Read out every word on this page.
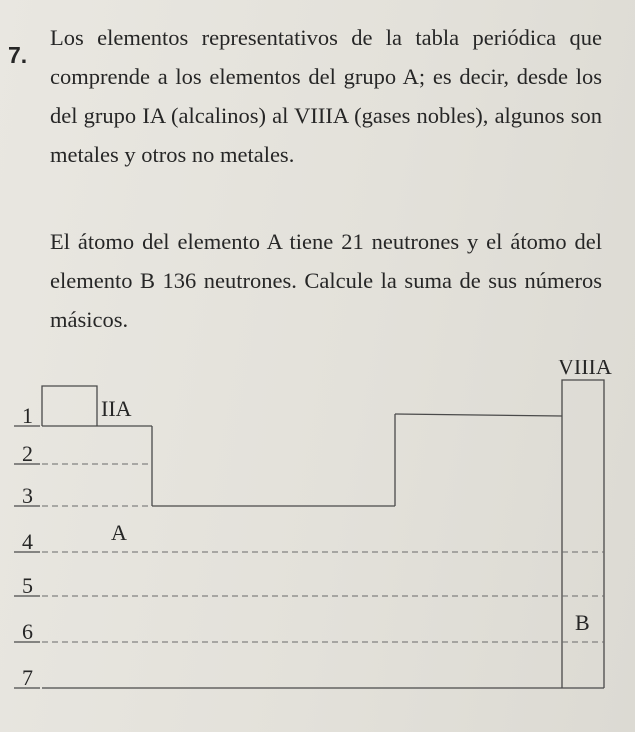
7.
Los elementos representativos de la tabla periódica que comprende a los elementos del grupo A; es decir, desde los del grupo IA (alcalinos) al VIIIA (gases nobles), algunos son metales y otros no metales.
El átomo del elemento A tiene 21 neutrones y el átomo del elemento B 136 neutrones. Calcule la suma de sus números másicos.
VIIIA
IIA
1
2
3
4
5
6
7
A
B
